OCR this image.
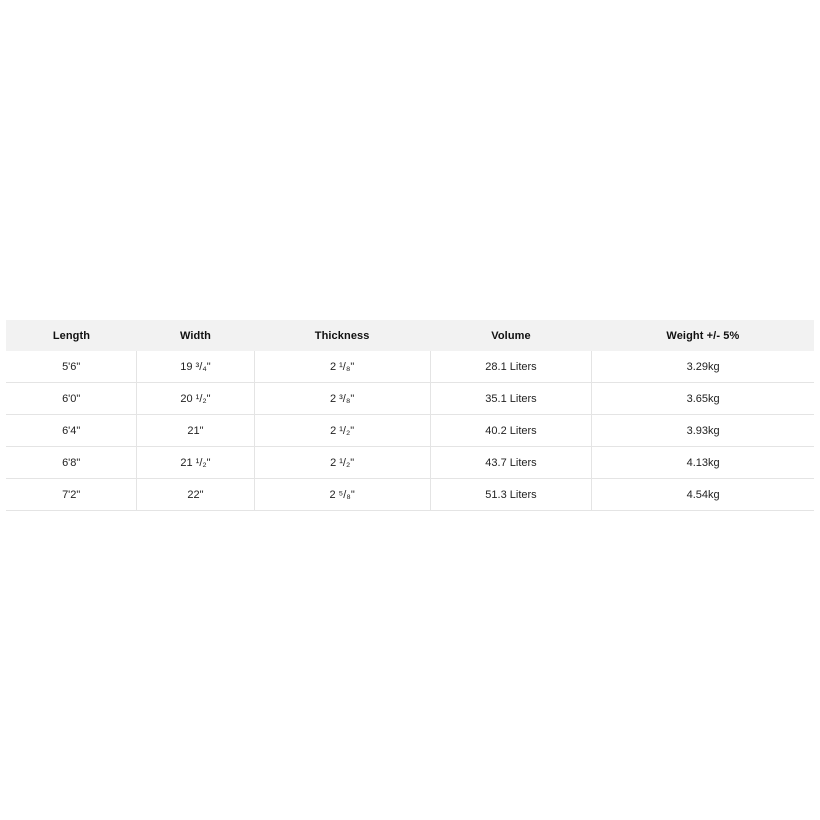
Length	Width	Thickness	Volume	Weight +/- 5%
5'6"	19 ³/₄"	2 ¹/₈"	28.1 Liters	3.29kg
6'0"	20 ¹/₂"	2 ³/₈"	35.1 Liters	3.65kg
6'4"	21"	2 ¹/₂"	40.2 Liters	3.93kg
6'8"	21 ¹/₂"	2 ¹/₂"	43.7 Liters	4.13kg
7'2"	22"	2 ⁵/₈"	51.3 Liters	4.54kg
